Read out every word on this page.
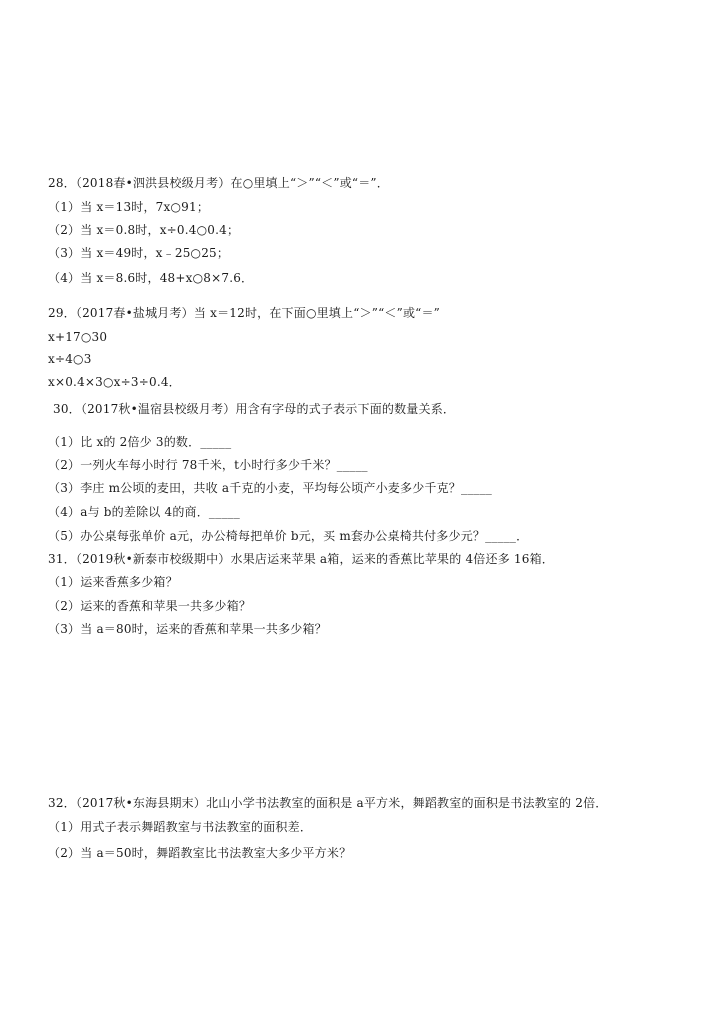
28．（2018春•泗洪县校级月考）在○里填上“＞”“＜”或“＝”．
（1）当 x＝13时，7x○91；
（2）当 x＝0.8时，x÷0.4○0.4；
（3）当 x＝49时，x﹣25○25；
（4）当 x＝8.6时，48+x○8×7.6．
29．（2017春•盐城月考）当 x＝12时，在下面○里填上“＞”“＜”或“＝”
x+17○30
x÷4○3
x×0.4×3○x÷3÷0.4．
30．（2017秋•温宿县校级月考）用含有字母的式子表示下面的数量关系．
（1）比 x的 2倍少 3的数．_____
（2）一列火车每小时行 78千米，t小时行多少千米？_____
（3）李庄 m公顷的麦田，共收 a千克的小麦，平均每公顷产小麦多少千克？_____
（4）a与 b的差除以 4的商．_____
（5）办公桌每张单价 a元，办公椅每把单价 b元，买 m套办公桌椅共付多少元？_____．
31．（2019秋•新泰市校级期中）水果店运来苹果 a箱，运来的香蕉比苹果的 4倍还多 16箱．
（1）运来香蕉多少箱？
（2）运来的香蕉和苹果一共多少箱？
（3）当 a＝80时，运来的香蕉和苹果一共多少箱？
32．（2017秋•东海县期末）北山小学书法教室的面积是 a平方米，舞蹈教室的面积是书法教室的 2倍．
（1）用式子表示舞蹈教室与书法教室的面积差．
（2）当 a＝50时，舞蹈教室比书法教室大多少平方米？
